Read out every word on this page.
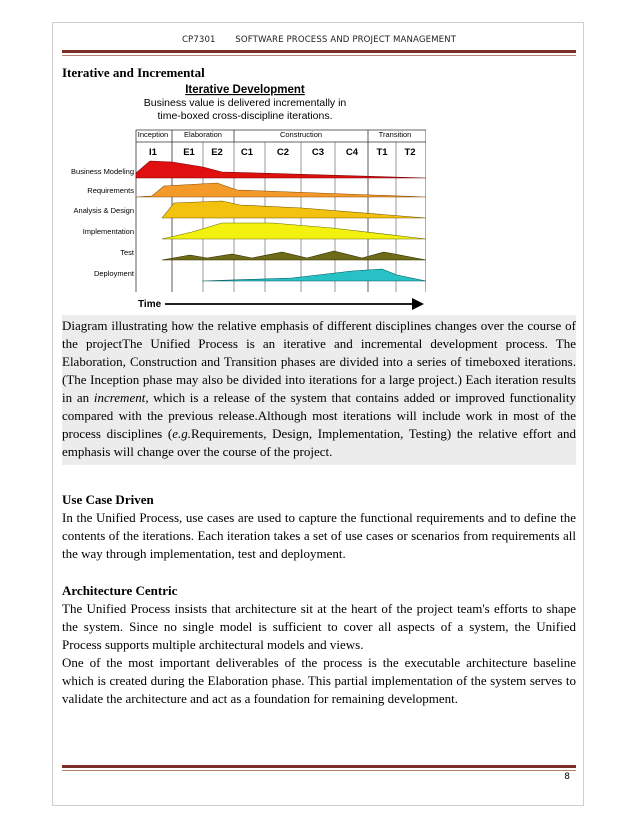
CP7301 SOFTWARE PROCESS AND PROJECT MANAGEMENT
Iterative and Incremental
Iterative Development
Business value is delivered incrementally in
time-boxed cross-discipline iterations.
Inception Elaboration	Construction	Transition
I1	E1 E2 C1	C2 C3 C4 T1 T2
Business Modeling
Requirements
Analysis & Design
Implementation
Test
Deployment
Time

Diagram illustrating how the relative emphasis of different disciplines changes over the course of the projectThe Unified Process is an iterative and incremental development process. The Elaboration, Construction and Transition phases are divided into a series of timeboxed iterations. (The Inception phase may also be divided into iterations for a large project.) Each iteration results in an increment, which is a release of the system that contains added or improved functionality compared with the previous release.Although most iterations will include work in most of the process disciplines (e.g.Requirements, Design, Implementation, Testing) the relative effort and emphasis will change over the course of the project.

Use Case Driven

In the Unified Process, use cases are used to capture the functional requirements and to define the contents of the iterations. Each iteration takes a set of use cases or scenarios from requirements all the way through implementation, test and deployment.

Architecture Centric

The Unified Process insists that architecture sit at the heart of the project team's efforts to shape the system. Since no single model is sufficient to cover all aspects of a system, the Unified Process supports multiple architectural models and views.

One of the most important deliverables of the process is the executable architecture baseline which is created during the Elaboration phase. This partial implementation of the system serves to validate the architecture and act as a foundation for remaining development.

8
